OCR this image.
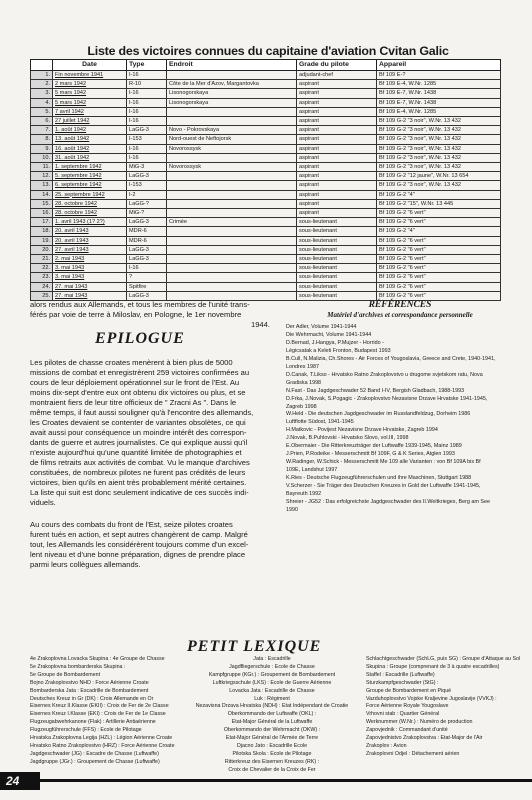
Liste des victoires connues du capitaine d'aviation Cvitan Galic
	Date	Type	Endroit	Grade du pilote	Appareil
1.	Fin novembre 1941	I-16		adjudant-chef	Bf 109 E-?
2.	2 mars 1942	R-10	Côte de la Mer d'Azov, Margantovka	aspirant	Bf 109 E-4, W.Nr. 1285
3.	5 mars 1942	I-16	Lisonogorskaya	aspirant	Bf 109 E-7, W.Nr. 1438
4.	5 mars 1942	I-16	Lisonogorskaya	aspirant	Bf 109 E-7, W.Nr. 1438
5.	7 avril 1942	I-16		aspirant	Bf 109 E-4, W.Nr. 1285
6.	27 juillet 1942	I-16		aspirant	Bf 109 G-2 "3 noir", W.Nr. 13 432
7.	1. août 1942	LaGG-3	Novo - Pokrovskaya	aspirant	Bf 109 G-2 "3 noir", W.Nr. 13 432
8.	13. août 1942	I-153	Nord-ouest de Neftojorsk	aspirant	Bf 109 G-2 "3 noir", W.Nr. 13 432
9.	16. août 1942	I-16	Novorossysk	aspirant	Bf 109 G-2 "3 noir", W.Nr. 13 432
10.	31. août 1942	I-16		aspirant	Bf 109 G-2 "3 noir", W.Nr. 13 432
11.	1. septembre 1942	MiG-3	Novorossysk	aspirant	Bf 109 G-2 "3 noir", W.Nr. 13 432
12.	5. septembre 1942	LaGG-3		aspirant	Bf 109 G-2 "12 jaune", W.Nr. 13 654
13.	6. septembre 1942	I-153		aspirant	Bf 109 G-2 "3 noir", W.Nr. 13 432
14.	25. septembre 1942	I-2		aspirant	Bf 109 G-2 "4"
15.	28. octobre 1942	LaGG-?		aspirant	Bf 109 G-2 "15", W.Nr. 13 445
16.	28. octobre 1942	MiG-?		aspirant	Bf 109 G-2 "6 vert"
17.	1. avril 1943 (1? 2?)	LaGG-3	Crimée	sous-lieutenant	Bf 109 G-2 "6 vert"
18.	20. avril 1943	MDR-6		sous-lieutenant	Bf 109 G-2 "4"
19.	20. avril 1943	MDR-6		sous-lieutenant	Bf 109 G-2 "6 vert"
20.	27. avril 1943	LaGG-3		sous-lieutenant	Bf 109 G-2 "6 vert"
21.	2. mai 1943	LaGG-3		sous-lieutenant	Bf 109 G-2 "6 vert"
22.	3. mai 1943	I-16		sous-lieutenant	Bf 109 G-2 "6 vert"
23.	3. mai 1943	?		sous-lieutenant	Bf 109 G-2 "6 vert"
24.	27. mai 1943	Spitfire		sous-lieutenant	Bf 109 G-2 "6 vert"
25.	27. mai 1943	LaGG-3		sous-lieutenant	Bf 109 G-2 "6 vert"
alors rendus aux Allemands, et tous les membres de l'unité trans-
férés par voie de terre à Miloslav, en Pologne, le 1er novembre
1944.
EPILOGUE
Les pilotes de chasse croates menèrent à bien plus de 5000
missions de combat et enregistrèrent 259 victoires confirmées au
cours de leur déploiement opérationnel sur le front de l'Est. Au
moins dix-sept d'entre eux ont obtenu dix victoires ou plus, et se
montraient fiers de leur titre officieux de " Zracni As ". Dans le
même temps, il faut aussi souligner qu'à l'encontre des allemands,
les Croates devaient se contenter de variantes obsolètes, ce qui
avait aussi pour conséquence un moindre intérêt des correspon-
dants de guerre et autres journalistes. Ce qui explique aussi qu'il
n'existe aujourd'hui qu'une quantité limitée de photographies et
de films retraits aux activités de combat. Vu le manque d'archives
constituées, de nombreux pilotes ne furent pas crédités de leurs
victoires, bien qu'ils en aient très probablement mérité certaines.
La liste qui suit est donc seulement indicative de ces succès indi-
viduels.
Au cours des combats du front de l'Est, seize pilotes croates
furent tués en action, et sept autres changèrent de camp. Malgré
tout, les Allemands les considérèrent toujours comme d'un excel-
lent niveau et d'une bonne préparation, dignes de prendre place
parmi leurs collègues allemands.
RÉFÉRENCES
Matériel d'archives et correspondance personnelle
Der Adler, Volume 1941-1944
Die Wehrmacht, Volume 1941-1944
D.Bernad, J.Hangya, P.Mujzer - Horrido -
Légicsatak a Keleti Fronton, Budapest 1993
B.Cull, N.Malizia, Ch.Shores - Air Forces of Yougoslavia, Greece and Crete, 1940-1941,
Londres 1987
D.Canak, T.Likso - Hrvatsko Ratno Zrakoplovstvo u drugome svjetskom ratu, Nova
Gradiska 1998
N.Fast - Das Jagdgeschwader 52 Band I-IV, Bergish Gladbach, 1988-1993
D.Frka, J.Novak, S.Pogagic - Zrakoplovstvo Nezavisne Drzave Hrvatske 1941-1945,
Zagreb 1998
W.Held - Die deutschen Jagdgeschwader im Russlandfeldzug, Dorheim 1986
Luftflotte Südost, 1941-1945
H.Matkovic - Povijest Nezavisne Drzave Hrvatske, Zagreb 1994
J.Novak, B.Puhlovski - Hrvatsko Slovo, vol.III, 1998
E.Obermaier - Die Ritterkreuzträger der Luftwaffe 1939-1945, Mainz 1989
J.Prien, P.Rodeike - Messerschmitt Bf 109F, G & K Series, Atglen 1993
W.Radinger, W.Schick - Messerschmitt Me 109 alle Varianten : von Bf 109A bis Bf
109E, Landshut 1997
K.Ries - Deutsche Flugzeugführerschulen und ihre Maschinen, Stuttgart 1988
V.Scherzer - Sie Träger des Deutschen Kreuzes in Gold der Luftwaffe 1941-1945,
Bayreuth 1992
Shreier - JG52 : Das erfolgreichste Jagdgeschwader des II.Weltkrieges, Berg am See
1990
PETIT LEXIQUE
4e Zrakoplovna Lovacka Skupina : 4e Groupe de Chasse
5e Zrakoplovna bombarderska Skupina :
5e Groupe de Bombardement
Bojno Zrakoplovstvo NHD : Force Aérienne Croate
Bombarderska Jata : Escadrille de Bombardement
Deutsches Kreuz in Gr (DK) : Croix Allemande en Or
Eisernes Kreuz II.Klasse (EKII) : Croix de Fer de 2e Classe
Eisernes Kreuz I.Klasse (EKI) : Croix de Fer de 1e Classe
Flugzeugabwehrkanone (Flak) : Artillerie Antiaérienne
Flugzeugführerschule (FFS) : Ecole de Pilotage
Hrvatska Zrakoplovna Legija (HZL) : Légion Aérienne Croate
Hrvatsko Ratno Zrakoplovstvo (HRZ) : Force Aérienne Croate
Jagdgeschwader (JG) : Escadre de Chasse (Luftwaffe)
Jagdgruppe (JGr.) : Groupement de Chasse (Luftwaffe)
Jata : Escadrille
Jagdfliegerschule : Ecole de Chasse
Kampfgruppe (KGr.) : Groupement de Bombardement
Luftkriegsschule (LKS) : Ecole de Guerre Aérienne
Lovacka Jata : Escadrille de Chasse
Luk : Régiment
Nezavisna Drzava Hrvatska (NDH) : Etat Indépendant de Croatie
Oberkommando der Luftwaffe (OKL) :
Etat-Major Général de la Luftwaffe
Oberkommando der Wehrmacht (OKW) :
Etat-Major Général de l'Armée de Terre
Djacno Jato : Escadrille Ecole
Pilotska Skola : Ecole de Pilotage
Ritterkreuz des Eisernen Kreuzes (RK) :
Croix de Chevalier de la Croix de Fer
Schlachtgeschwader (SchLG, puis SG) : Groupe d'Attaque au Sol
Skupina : Groupe (comprenant de 3 à quatre escadrilles)
Staffel : Escadrille (Luftwaffe)
Sturzkampfgeschwader (StG) :
Groupe de Bombardement en Piqué
Vazduhoplovstvo Vojske Kraljevine Jugoslavije (VVKJ) :
Force Aérienne Royale Yougoslave
Vrhovni stab : Quartier Général
Werknummer (W.Nr.) : Numéro de production
Zapovjednik : Commandant d'unité
Zapovjednistvo Zrakoplovstva : Etat-Major de l'Air
Zrakoplov : Avion
Zrakoplovni Odjel : Détachement aérien
24
